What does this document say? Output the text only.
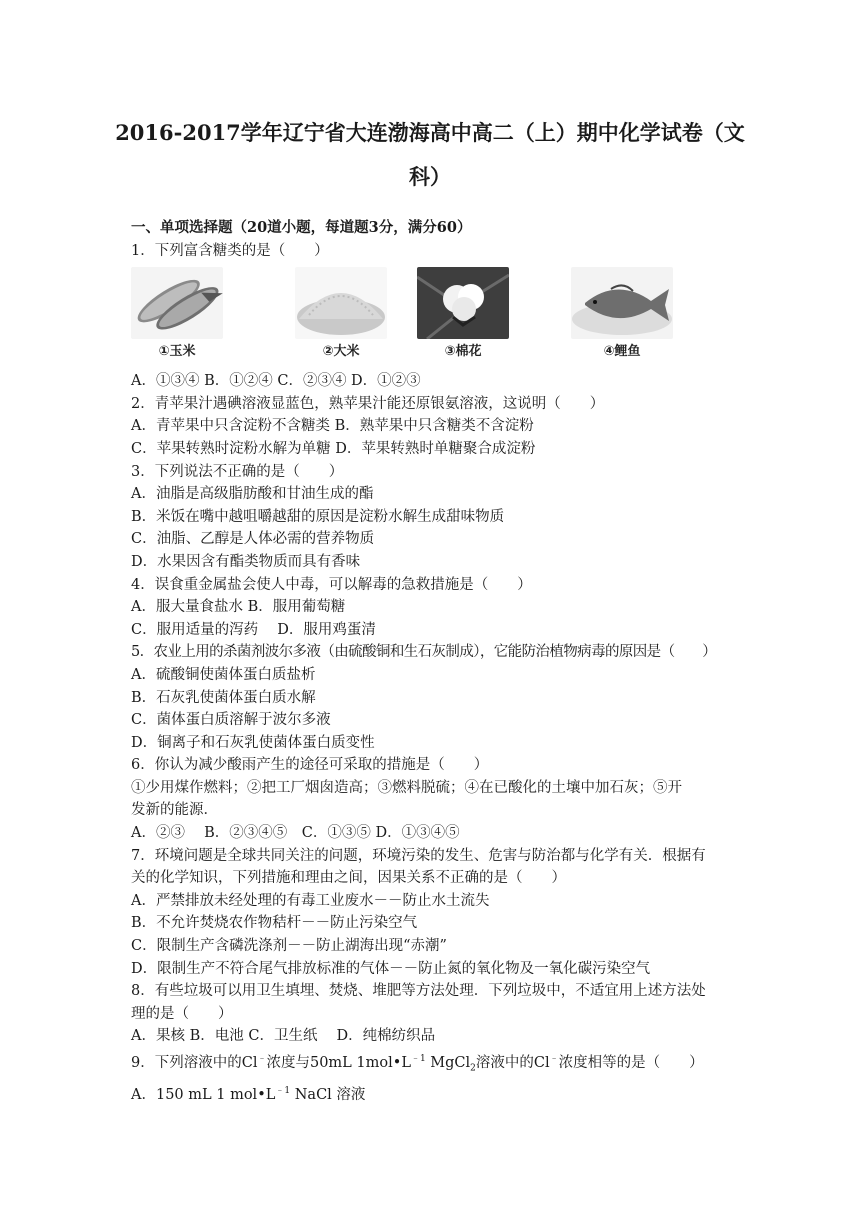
2016-2017学年辽宁省大连渤海高中高二（上）期中化学试卷（文
科）
一、单项选择题（20道小题，每道题3分，满分60）
1．下列富含糖类的是（　　）
①玉米	②大米	③棉花	④鲤鱼
A．①③④ B．①②④ C．②③④ D．①②③
2．青苹果汁遇碘溶液显蓝色，熟苹果汁能还原银氨溶液，这说明（　　）
A．青苹果中只含淀粉不含糖类 B．熟苹果中只含糖类不含淀粉
C．苹果转熟时淀粉水解为单糖 D．苹果转熟时单糖聚合成淀粉
3．下列说法不正确的是（　　）
A．油脂是高级脂肪酸和甘油生成的酯
B．米饭在嘴中越咀嚼越甜的原因是淀粉水解生成甜味物质
C．油脂、乙醇是人体必需的营养物质
D．水果因含有酯类物质而具有香味
4．误食重金属盐会使人中毒，可以解毒的急救措施是（　　）
A．服大量食盐水 B．服用葡萄糖
C．服用适量的泻药　 D．服用鸡蛋清
5．农业上用的杀菌剂波尔多液（由硫酸铜和生石灰制成），它能防治植物病毒的原因是（　　）
A．硫酸铜使菌体蛋白质盐析
B．石灰乳使菌体蛋白质水解
C．菌体蛋白质溶解于波尔多液
D．铜离子和石灰乳使菌体蛋白质变性
6．你认为减少酸雨产生的途径可采取的措施是（　　）
①少用煤作燃料；②把工厂烟囱造高；③燃料脱硫；④在已酸化的土壤中加石灰；⑤开
发新的能源．
A．②③　 B．②③④⑤　C．①③⑤ D．①③④⑤
7．环境问题是全球共同关注的问题，环境污染的发生、危害与防治都与化学有关．根据有
关的化学知识，下列措施和理由之间，因果关系不正确的是（　　）
A．严禁排放未经处理的有毒工业废水－－防止水土流失
B．不允许焚烧农作物秸杆－－防止污染空气
C．限制生产含磷洗涤剂－－防止湖海出现“赤潮”
D．限制生产不符合尾气排放标准的气体－－防止氮的氧化物及一氧化碳污染空气
8．有些垃圾可以用卫生填埋、焚烧、堆肥等方法处理．下列垃圾中，不适宜用上述方法处
理的是（　　）
A．果核 B．电池 C．卫生纸　 D．纯棉纺织品
9．下列溶液中的Cl﹣浓度与50mL $1mol•L^{﹣1}$ MgCl$_2$溶液中的Cl﹣浓度相等的是（　　）
A．150 mL 1 $mol•L^{﹣1}$ NaCl 溶液
